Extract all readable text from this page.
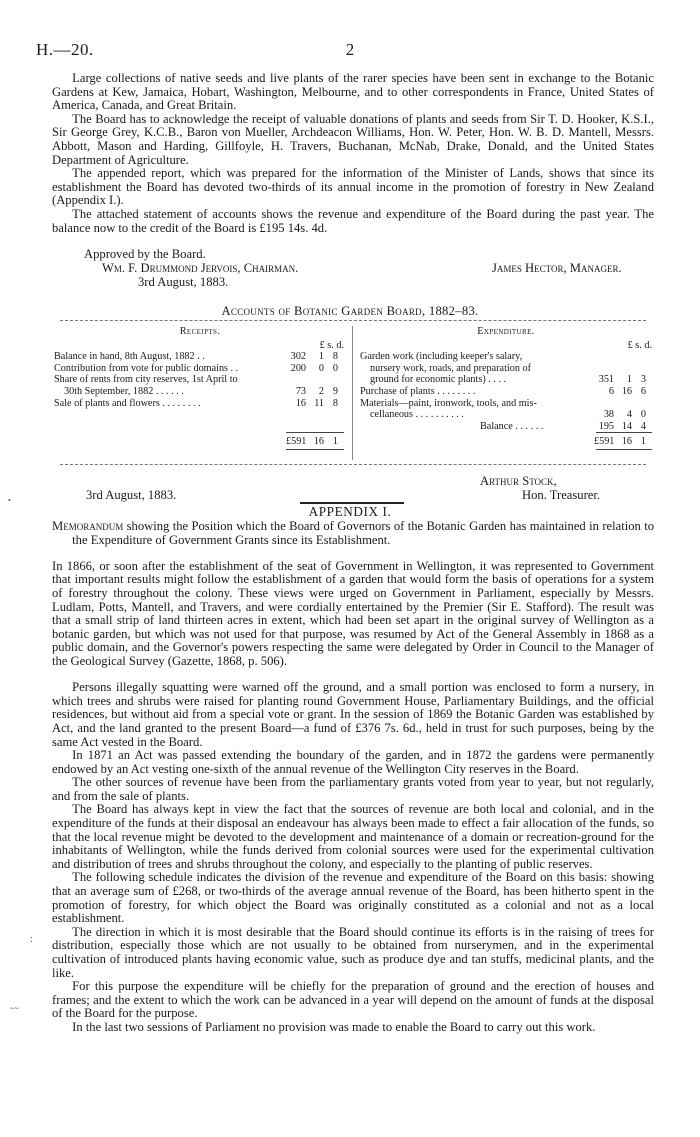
H.—20.	2

Large collections of native seeds and live plants of the rarer species have been sent in exchange to the Botanic Gardens at Kew, Jamaica, Hobart, Washington, Melbourne, and to other correspondents in France, United States of America, Canada, and Great Britain.

The Board has to acknowledge the receipt of valuable donations of plants and seeds from Sir T. D. Hooker, K.S.I., Sir George Grey, K.C.B., Baron von Mueller, Archdeacon Williams, Hon. W. Peter, Hon. W. B. D. Mantell, Messrs. Abbott, Mason and Harding, Gillfoyle, H. Travers, Buchanan, McNab, Drake, Donald, and the United States Department of Agriculture.

The appended report, which was prepared for the information of the Minister of Lands, shows that since its establishment the Board has devoted two-thirds of its annual income in the promotion of forestry in New Zealand (Appendix I.).

The attached statement of accounts shows the revenue and expenditure of the Board during the past year. The balance now to the credit of the Board is £195 14s. 4d.

Approved by the Board.
Wm. F. Drummond Jervois, Chairman.	James Hector, Manager.
3rd August, 1883.
Accounts of Botanic Garden Board, 1882–83.
Receipts.
£ s. d.
Balance in hand, 8th August, 1882 . .	302	1 8
Contribution from vote for public domains . .	200	0 0
Share of rents from city reserves, 1st April to
30th September, 1882 . . . . . .	73	2 9
Sale of plants and flowers . . . . . . . .	16 11 8
£591 16 1
Expenditure.
£ s. d.
Garden work (including keeper's salary,
nursery work, roads, and preparation of
ground for economic plants) . . . .	351	1 3
Purchase of plants . . . . . . . .	6 16 6
Materials—paint, ironwork, tools, and mis-
cellaneous . . . . . . . . . .	38	4 0
Balance . . . . . .	195 14 4
£591 16 1
Arthur Stock,
Hon. Treasurer.
3rd August, 1883.
APPENDIX I.

Memorandum showing the Position which the Board of Governors of the Botanic Garden has maintained in relation to the Expenditure of Government Grants since its Establishment.

In 1866, or soon after the establishment of the seat of Government in Wellington, it was represented to Government that important results might follow the establishment of a garden that would form the basis of operations for a system of forestry throughout the colony. These views were urged on Government in Parliament, especially by Messrs. Ludlam, Potts, Mantell, and Travers, and were cordially entertained by the Premier (Sir E. Stafford). The result was that a small strip of land thirteen acres in extent, which had been set apart in the original survey of Wellington as a botanic garden, but which was not used for that purpose, was resumed by Act of the General Assembly in 1868 as a public domain, and the Governor's powers respecting the same were delegated by Order in Council to the Manager of the Geological Survey (Gazette, 1868, p. 506).

Persons illegally squatting were warned off the ground, and a small portion was enclosed to form a nursery, in which trees and shrubs were raised for planting round Government House, Parliamentary Buildings, and the official residences, but without aid from a special vote or grant. In the session of 1869 the Botanic Garden was established by Act, and the land granted to the present Board—a fund of £376 7s. 6d., held in trust for such purposes, being by the same Act vested in the Board.

In 1871 an Act was passed extending the boundary of the garden, and in 1872 the gardens were permanently endowed by an Act vesting one-sixth of the annual revenue of the Wellington City reserves in the Board.

The other sources of revenue have been from the parliamentary grants voted from year to year, but not regularly, and from the sale of plants.

The Board has always kept in view the fact that the sources of revenue are both local and colonial, and in the expenditure of the funds at their disposal an endeavour has always been made to effect a fair allocation of the funds, so that the local revenue might be devoted to the development and maintenance of a domain or recreation-ground for the inhabitants of Wellington, while the funds derived from colonial sources were used for the experimental cultivation and distribution of trees and shrubs throughout the colony, and especially to the planting of public reserves.

The following schedule indicates the division of the revenue and expenditure of the Board on this basis: showing that an average sum of £268, or two-thirds of the average annual revenue of the Board, has been hitherto spent in the promotion of forestry, for which object the Board was originally constituted as a colonial and not as a local establishment.

The direction in which it is most desirable that the Board should continue its efforts is in the raising of trees for distribution, especially those which are not usually to be obtained from nurserymen, and in the experimental cultivation of introduced plants having economic value, such as produce dye and tan stuffs, medicinal plants, and the like.

For this purpose the expenditure will be chiefly for the preparation of ground and the erection of houses and frames; and the extent to which the work can be advanced in a year will depend on the amount of funds at the disposal of the Board for the purpose.

In the last two sessions of Parliament no provision was made to enable the Board to carry out this work.

•
:
~~
